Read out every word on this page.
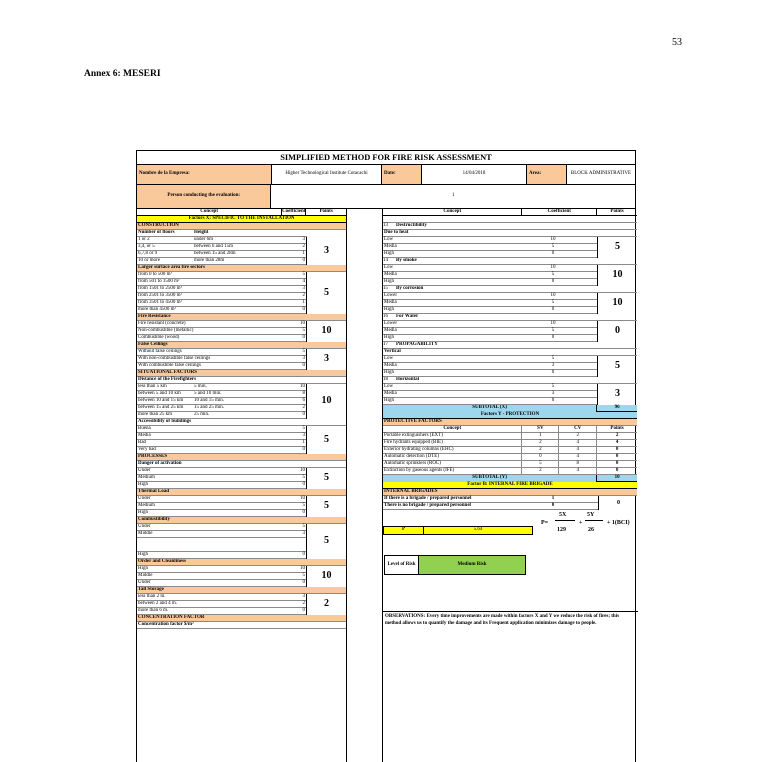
53
Annex 6: MESERI
SIMPLIFIED METHOD FOR FIRE RISK ASSESSMENT
Nombre de la Empresa:	Higher Technological Institute Cotacachi	Date:	14/04/2018	Area:	BLOCK ADMINISTRATIVE
Person conducting the evaluation:	1
Concept	Coefficient	Points
Factors X: SPECIFIC TO THE INSTALLATION
CONSTRUCTION
Number of floors	Height
1 or 2	under 6m	3
3,4, or 5	between 6 and 15m	2
6,7,8 or 9	between 15 and 28m	1
10 or more	more than 28m	0
3
Larger surface area fire sectors
from 0 to 500 m²	5
from 501 to 1500 m²	4
from 1501 to 2500 m²	3
from 2501 to 3500 m²	2
from 3501 to 4500 m²	1
more than 4500 m²	0
5
Fire Resistance
Fire resistant (concrete)	10
Non-combustible (metallic)	5
Combustible (wood)	0
10
False Ceilings
Without false ceilings	5
With non-combustible false ceilings	3
With combustible false ceilings	0
3
SITUATIONAL FACTORS
Distance of the Firefighters
less than 5 km	5 min.	10
between 5 and 10 km	5 and 10 min.	8
between 10 and 15 km	10 and 15 min.	6
between 15 and 25 km	15 and 25 min.	2
more than 25 km	25 min.	0
10
Accessibility of buildings
Buena	5
Media	3
Bad	1
Very bad	0
5
PROCESSES
Danger of activation
Under	10
Medium	5
High	0
5
Thermal Load
Under	10
Medium	5
High	0
5
Combustibility
Under	5
Middle	3
High	0
5
Order and Cleanliness
High	10
Middle	5
Under	0
10
Tall Storage
less than 2 m.	3
between 2 and 4 m.	2
more than 6 m.	0
2
CONCENTRATION FACTOR
Concentration factor $/m²
Concept	Coefficient	Points
13	Destructibility
Due to heat
Low	10
Media	5
High	0
5
14	By smoke
Low	10
Media	5
High	0
10
15	By corrosion
Lower	10
Media	5
High	0
10
16	For Water
Lower	10
Media	5
High	0
0
17	PROPAGABILITY
Vertical
Low	5
Media	3
High	0
5
18	Horizontal
Low	5
Media	3
High	0
3
SUBTOTAL (X)	96
Factors Y - PROTECTION
PROTECTIVE FACTORS
Concept	SV	CV	Points
Portable extinguishers (EXT)	1	2	2
Fire hydrants equipped (BIE)	2	4	4
Exterior hydrating columns (EHC)	2	4	0
Automatic detection (DTE)	0	4	0
Automatic sprinklers (ROC)	5	8	0
Extinction by gaseous agents (IFE)	2	4	0
SUBTOTAL (Y)	10
Factor B: INTERNAL FIRE BRIGADE
INTERNAL BRIGADES
If there is a brigade / prepared personnel	1
There is no brigade / prepared personnel	0	0
P=
5X
129
+
5Y
26
+ 1(BCI)
P	5.64
Level of Risk	Medium Risk
OBSERVATIONS: Every time improvements are made within factors X and Y we reduce the risk of fires; this method allows us to quantify the damage and its Frequent application minimizes damage to people.
